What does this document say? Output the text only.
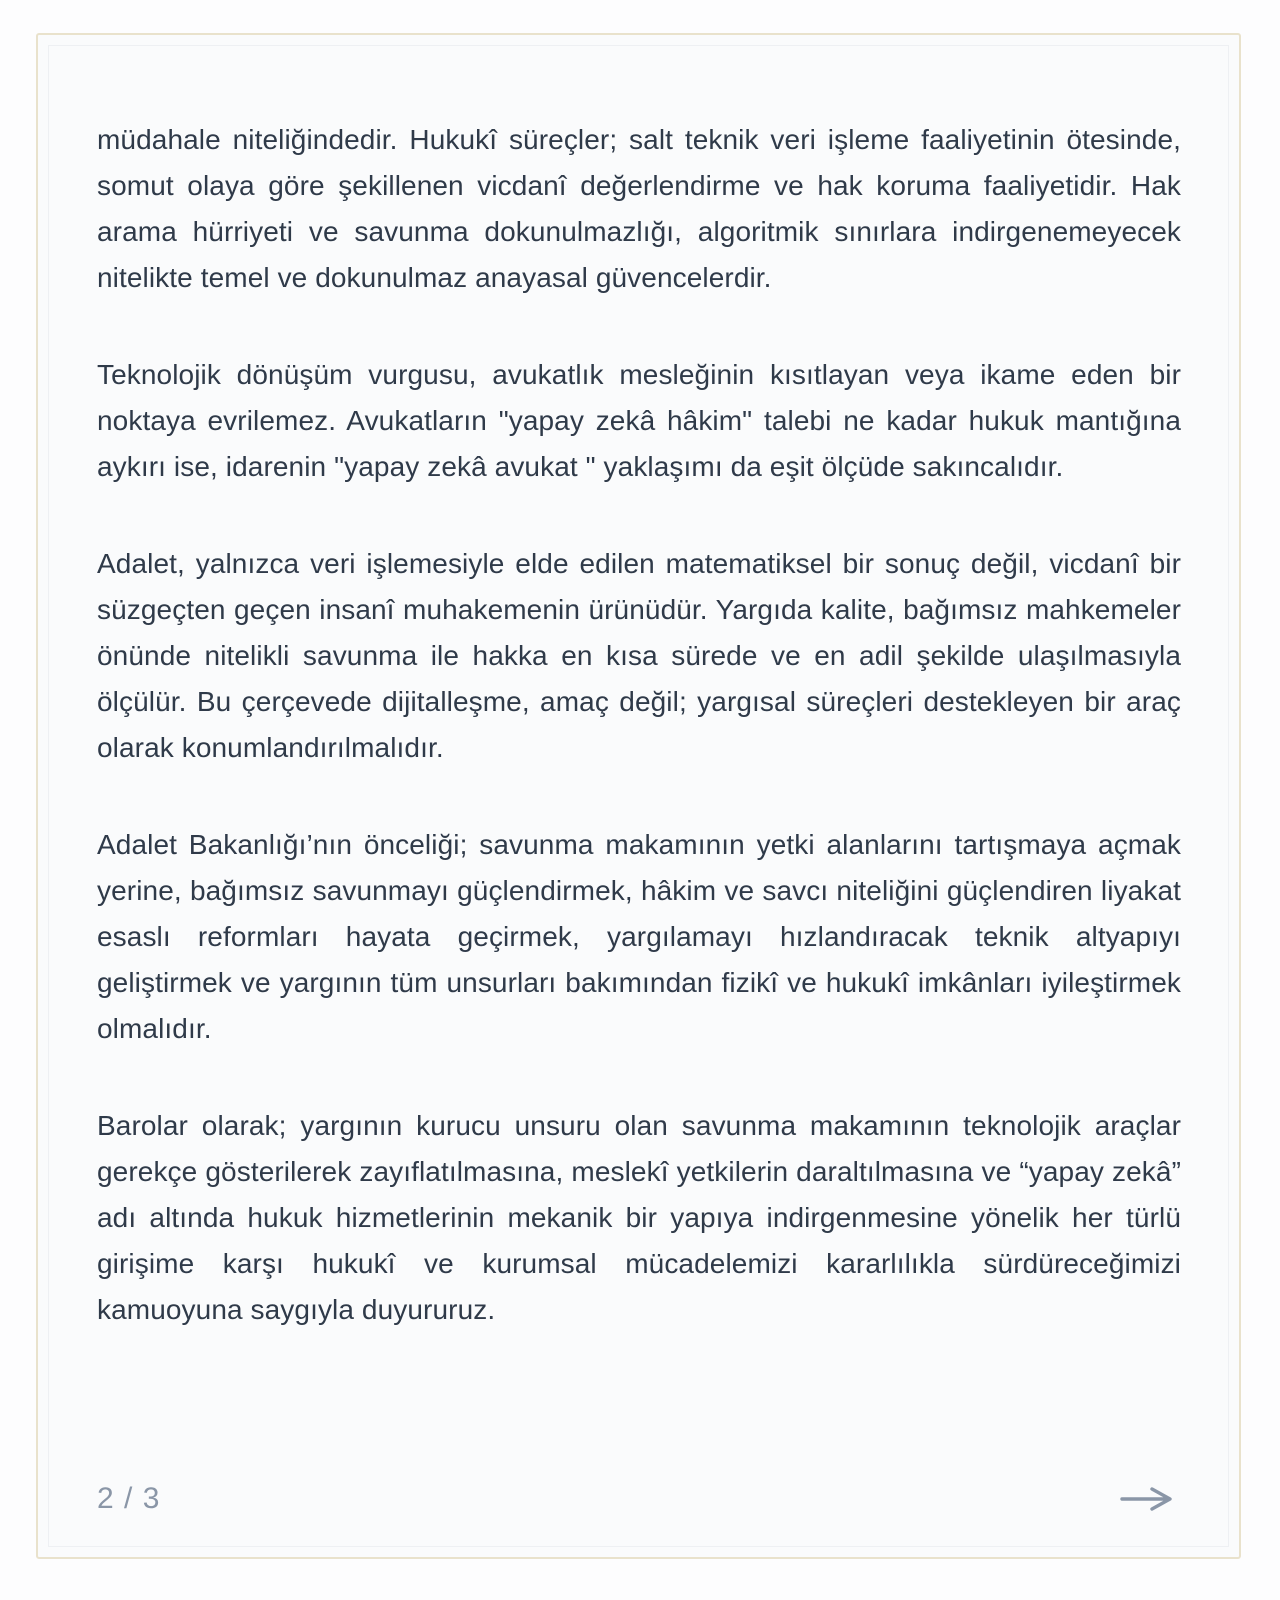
müdahale niteliğindedir. Hukukî süreçler; salt teknik veri işleme faaliyetinin ötesinde, somut olaya göre şekillenen vicdanî değerlendirme ve hak koruma faaliyetidir. Hak arama hürriyeti ve savunma dokunulmazlığı, algoritmik sınırlara indirgenemeyecek nitelikte temel ve dokunulmaz anayasal güvencelerdir.

Teknolojik dönüşüm vurgusu, avukatlık mesleğinin kısıtlayan veya ikame eden bir noktaya evrilemez. Avukatların "yapay zekâ hâkim" talebi ne kadar hukuk mantığına aykırı ise, idarenin "yapay zekâ avukat " yaklaşımı da eşit ölçüde sakıncalıdır.

Adalet, yalnızca veri işlemesiyle elde edilen matematiksel bir sonuç değil, vicdanî bir süzgeçten geçen insanî muhakemenin ürünüdür. Yargıda kalite, bağımsız mahkemeler önünde nitelikli savunma ile hakka en kısa sürede ve en adil şekilde ulaşılmasıyla ölçülür. Bu çerçevede dijitalleşme, amaç değil; yargısal süreçleri destekleyen bir araç olarak konumlandırılmalıdır.

Adalet Bakanlığı’nın önceliği; savunma makamının yetki alanlarını tartışmaya açmak yerine, bağımsız savunmayı güçlendirmek, hâkim ve savcı niteliğini güçlendiren liyakat esaslı reformları hayata geçirmek, yargılamayı hızlandıracak teknik altyapıyı geliştirmek ve yargının tüm unsurları bakımından fizikî ve hukukî imkânları iyileştirmek olmalıdır.

Barolar olarak; yargının kurucu unsuru olan savunma makamının teknolojik araçlar gerekçe gösterilerek zayıflatılmasına, meslekî yetkilerin daraltılmasına ve “yapay zekâ” adı altında hukuk hizmetlerinin mekanik bir yapıya indirgenmesine yönelik her türlü girişime karşı hukukî ve kurumsal mücadelemizi kararlılıkla sürdüreceğimizi kamuoyuna saygıyla duyururuz.

2 / 3
